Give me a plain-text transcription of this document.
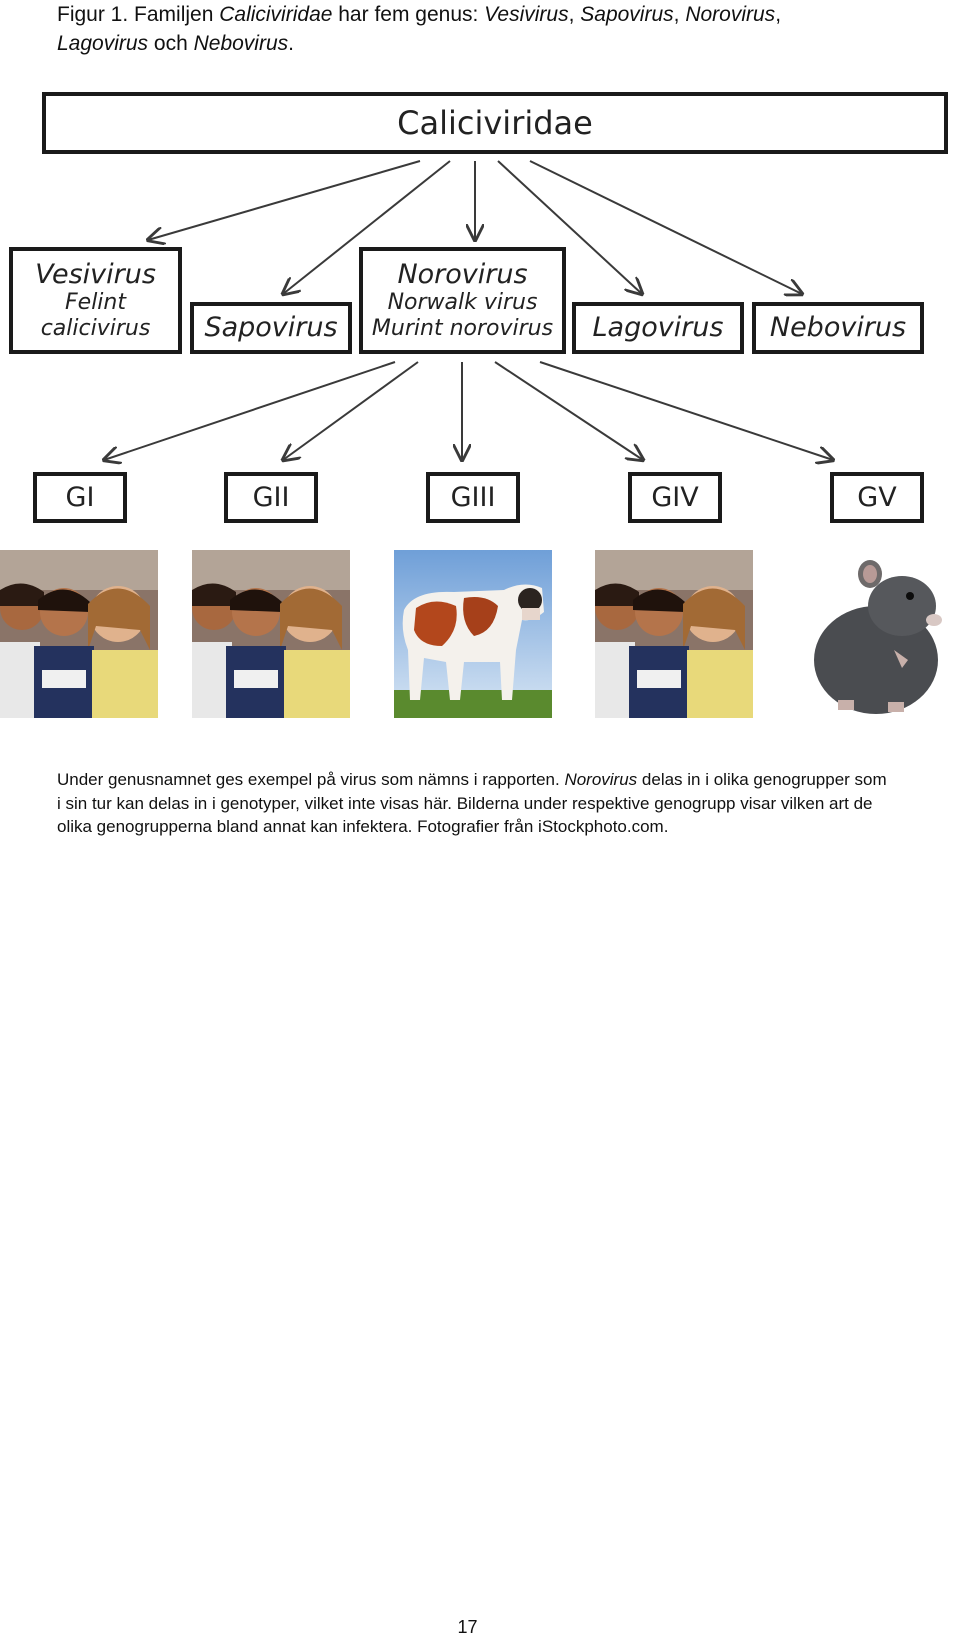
Figur 1. Familjen Caliciviridae har fem genus: Vesivirus, Sapovirus, Norovirus,
Lagovirus och Nebovirus.
Caliciviridae
Vesivirus
Felint
calicivirus Sapovirus
Norovirus
Norwalk virus
Murint norovirus Lagovirus Nebovirus
GI	GII	GIII	GIV	GV
Under genusnamnet ges exempel på virus som nämns i rapporten. Norovirus delas in i olika genogrupper som i sin tur kan delas in i genotyper, vilket inte visas här. Bilderna under respektive genogrupp visar vilken art de olika genogrupperna bland annat kan infektera. Fotografier från iStockphoto.com.
17
